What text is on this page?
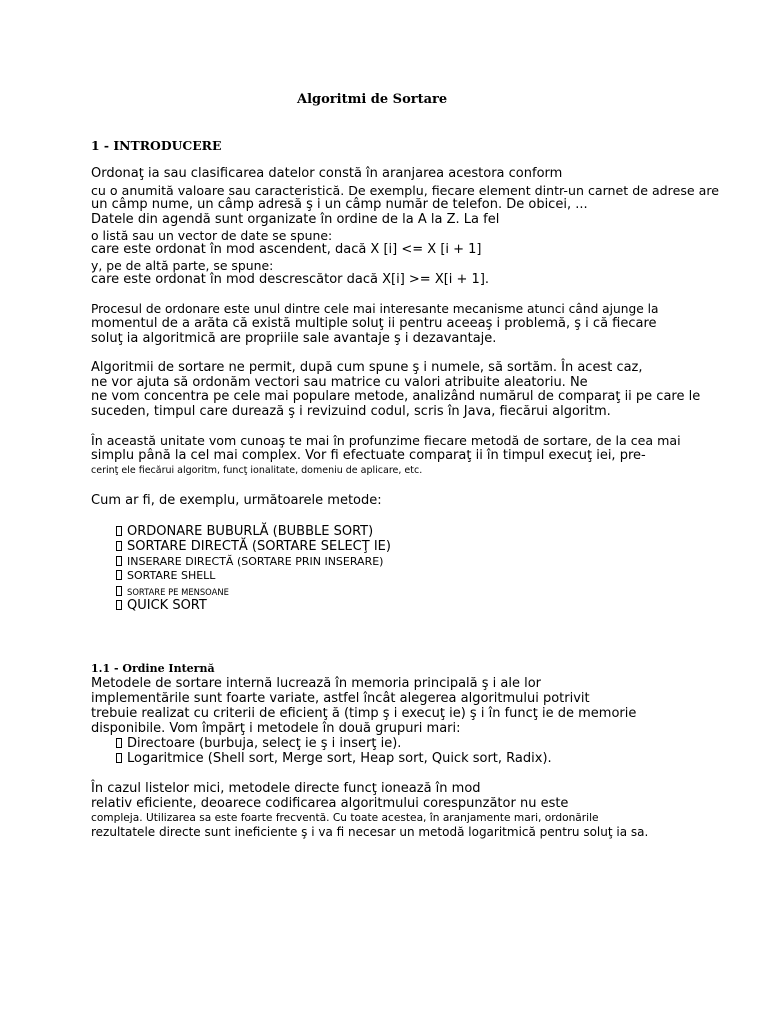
Algoritmi de Sortare
1 - INTRODUCERE
Ordonaţ ia sau clasificarea datelor constă în aranjarea acestora conform
cu o anumită valoare sau caracteristică. De exemplu, fiecare element dintr-un carnet de adrese are
un câmp nume, un câmp adresă ş i un câmp număr de telefon. De obicei, ...
Datele din agendă sunt organizate în ordine de la A la Z. La fel
o listă sau un vector de date se spune:
care este ordonat în mod ascendent, dacă X [i] <= X [i + 1]
y, pe de altă parte, se spune:
care este ordonat în mod descrescător dacă X[i] >= X[i + 1].
Procesul de ordonare este unul dintre cele mai interesante mecanisme atunci când ajunge la
momentul de a arăta că există multiple soluţ ii pentru aceeaş i problemă, ş i că fiecare
soluţ ia algoritmică are propriile sale avantaje ş i dezavantaje.
Algoritmii de sortare ne permit, după cum spune ş i numele, să sortăm. În acest caz,
ne vor ajuta să ordonăm vectori sau matrice cu valori atribuite aleatoriu. Ne
ne vom concentra pe cele mai populare metode, analizând numărul de comparaţ ii pe care le
suceden, timpul care durează ş i revizuind codul, scris în Java, fiecărui algoritm.
În această unitate vom cunoaş te mai în profunzime fiecare metodă de sortare, de la cea mai
simplu până la cel mai complex. Vor fi efectuate comparaţ ii în timpul execuţ iei, pre-
cerinţ ele fiecărui algoritm, funcţ ionalitate, domeniu de aplicare, etc.
Cum ar fi, de exemplu, următoarele metode:
ORDONARE BUBURLĂ (BUBBLE SORT)
SORTARE DIRECTĂ (SORTARE SELECŢ IE)
INSERARE DIRECTĂ (SORTARE PRIN INSERARE)
SORTARE SHELL
SORTARE PE MENSOANE
QUICK SORT
1.1 - Ordine Internă
Metodele de sortare internă lucrează în memoria principală ş i ale lor
implementările sunt foarte variate, astfel încât alegerea algoritmului potrivit
trebuie realizat cu criterii de eficienţ ă (timp ş i execuţ ie) ş i în funcţ ie de memorie
disponibile. Vom împărţ i metodele în două grupuri mari:
Directoare (burbuja, selecţ ie ş i inserţ ie).
Logaritmice (Shell sort, Merge sort, Heap sort, Quick sort, Radix).
În cazul listelor mici, metodele directe funcţ ionează în mod
relativ eficiente, deoarece codificarea algoritmului corespunzător nu este
compleja. Utilizarea sa este foarte frecventă. Cu toate acestea, în aranjamente mari, ordonările
rezultatele directe sunt ineficiente ş i va fi necesar un metodă logaritmică pentru soluţ ia sa.
